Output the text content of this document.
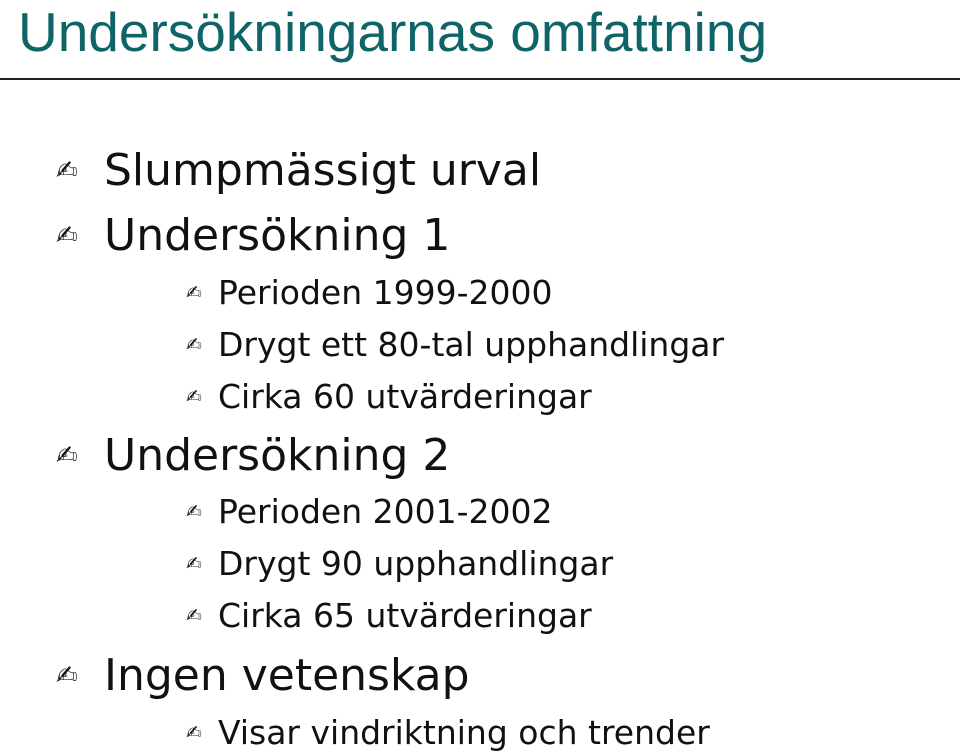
Undersökningarnas omfattning
✍ Slumpmässigt urval
✍ Undersökning 1
✍ Perioden 1999-2000
✍ Drygt ett 80-tal upphandlingar
✍ Cirka 60 utvärderingar
✍ Undersökning 2
✍ Perioden 2001-2002
✍ Drygt 90 upphandlingar
✍ Cirka 65 utvärderingar
✍ Ingen vetenskap
✍ Visar vindriktning och trender
